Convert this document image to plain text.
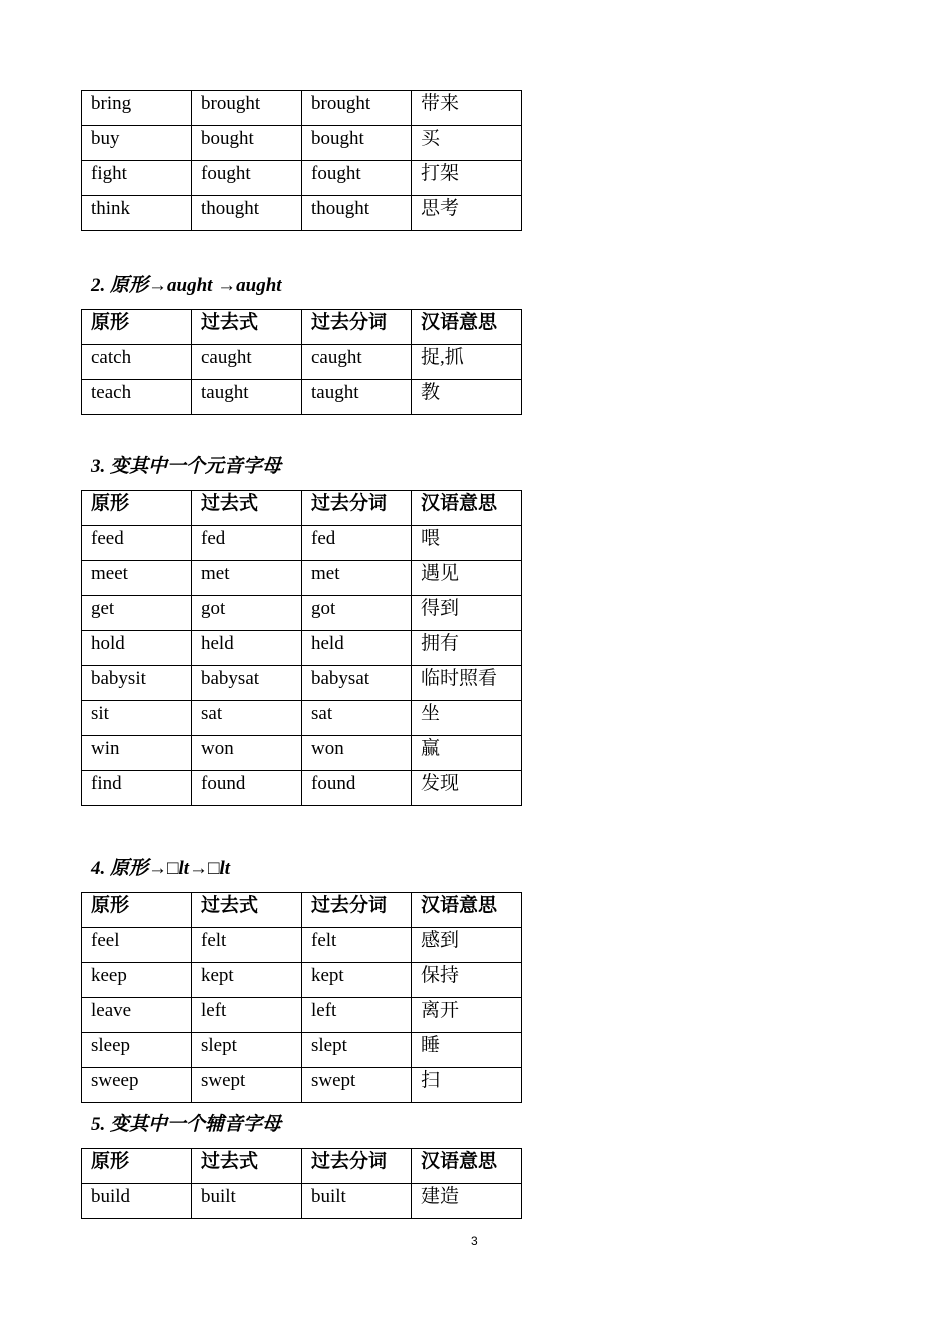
bring	brought	brought	带来
buy	bought	bought	买
fight	fought	fought	打架
think	thought	thought	思考
2. 原形→aught →aught
原形	过去式	过去分词	汉语意思
catch	caught	caught	捉,抓
teach	taught	taught	教
3. 变其中一个元音字母
原形	过去式	过去分词	汉语意思
feed	fed	fed	喂
meet	met	met	遇见
get	got	got	得到
hold	held	held	拥有
babysit	babysat	babysat	临时照看
sit	sat	sat	坐
win	won	won	赢
find	found	found	发现
4. 原形→□lt→□lt
原形	过去式	过去分词	汉语意思
feel	felt	felt	感到
keep	kept	kept	保持
leave	left	left	离开
sleep	slept	slept	睡
sweep	swept	swept	扫
5. 变其中一个辅音字母
原形	过去式	过去分词	汉语意思
build	built	built	建造
3
